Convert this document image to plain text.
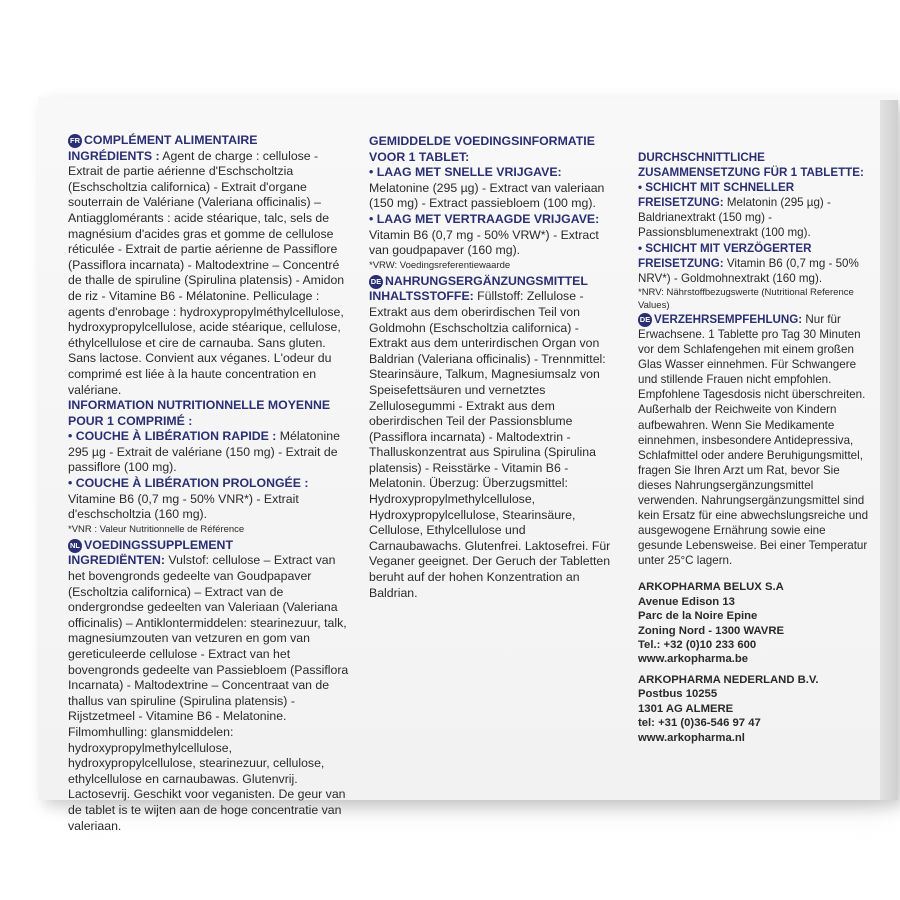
FR COMPLÉMENT ALIMENTAIRE

INGRÉDIENTS : Agent de charge : cellulose - Extrait de partie aérienne d'Eschscholtzia (Eschscholtzia californica) - Extrait d'organe souterrain de Valériane (Valeriana officinalis) – Antiagglomérants : acide stéarique, talc, sels de magnésium d'acides gras et gomme de cellulose réticulée - Extrait de partie aérienne de Passiflore (Passiflora incarnata) - Maltodextrine – Concentré de thalle de spiruline (Spirulina platensis) - Amidon de riz - Vitamine B6 - Mélatonine. Pelliculage : agents d'enrobage : hydroxypropylméthylcellulose, hydroxypropylcellulose, acide stéarique, cellulose, éthylcellulose et cire de carnauba. Sans gluten. Sans lactose. Convient aux véganes. L'odeur du comprimé est liée à la haute concentration en valériane.

INFORMATION NUTRITIONNELLE MOYENNE POUR 1 COMPRIMÉ :

• COUCHE À LIBÉRATION RAPIDE : Mélatonine 295 µg - Extrait de valériane (150 mg) - Extrait de passiflore (100 mg).

• COUCHE À LIBÉRATION PROLONGÉE : Vitamine B6 (0,7 mg - 50% VNR*) - Extrait d'eschscholtzia (160 mg).

*VNR : Valeur Nutritionnelle de Référence

NL VOEDINGSSUPPLEMENT

INGREDIËNTEN: Vulstof: cellulose – Extract van het bovengronds gedeelte van Goudpapaver (Escholtzia californica) – Extract van de ondergrondse gedeelten van Valeriaan (Valeriana officinalis) – Antiklontermiddelen: stearinezuur, talk, magnesiumzouten van vetzuren en gom van gereticuleerde cellulose - Extract van het bovengronds gedeelte van Passiebloem (Passiflora Incarnata) - Maltodextrine – Concentraat van de thallus van spiruline (Spirulina platensis) - Rijstzetmeel - Vitamine B6 - Melatonine. Filmomhulling: glansmiddelen: hydroxypropylmethylcellulose, hydroxypropylcellulose, stearinezuur, cellulose, ethylcellulose en carnaubawas. Glutenvrij. Lactosevrij. Geschikt voor veganisten. De geur van de tablet is te wijten aan de hoge concentratie van valeriaan.

GEMIDDELDE VOEDINGSINFORMATIE VOOR 1 TABLET:

• LAAG MET SNELLE VRIJGAVE: Melatonine (295 µg) - Extract van valeriaan (150 mg) - Extract passiebloem (100 mg).

• LAAG MET VERTRAAGDE VRIJGAVE: Vitamin B6 (0,7 mg - 50% VRW*) - Extract van goudpapaver (160 mg).

*VRW: Voedingsreferentiewaarde

DE NAHRUNGSERGÄNZUNGSMITTEL

INHALTSSTOFFE: Füllstoff: Zellulose - Extrakt aus dem oberirdischen Teil von Goldmohn (Eschscholtzia californica) - Extrakt aus dem unterirdischen Organ von Baldrian (Valeriana officinalis) - Trennmittel: Stearinsäure, Talkum, Magnesiumsalz von Speisefettsäuren und vernetztes Zellulosegummi - Extrakt aus dem oberirdischen Teil der Passionsblume (Passiflora incarnata) - Maltodextrin - Thalluskonzentrat aus Spirulina (Spirulina platensis) - Reisstärke - Vitamin B6 - Melatonin. Überzug: Überzugsmittel: Hydroxypropylmethylcellulose, Hydroxypropylcellulose, Stearinsäure, Cellulose, Ethylcellulose und Carnaubawachs. Glutenfrei. Laktosefrei. Für Veganer geeignet. Der Geruch der Tabletten beruht auf der hohen Konzentration an Baldrian.

DURCHSCHNITTLICHE ZUSAMMENSETZUNG FÜR 1 TABLETTE:

• SCHICHT MIT SCHNELLER FREISETZUNG: Melatonin (295 µg) - Baldrianextrakt (150 mg) - Passionsblumenextrakt (100 mg).

• SCHICHT MIT VERZÖGERTER FREISETZUNG: Vitamin B6 (0,7 mg - 50% NRV*) - Goldmohnextrakt (160 mg).

*NRV: Nährstoffbezugswerte (Nutritional Reference Values)

DE VERZEHRSEMPFEHLUNG: Nur für Erwachsene. 1 Tablette pro Tag 30 Minuten vor dem Schlafengehen mit einem großen Glas Wasser einnehmen. Für Schwangere und stillende Frauen nicht empfohlen. Empfohlene Tagesdosis nicht überschreiten. Außerhalb der Reichweite von Kindern aufbewahren. Wenn Sie Medikamente einnehmen, insbesondere Antidepressiva, Schlafmittel oder andere Beruhigungsmittel, fragen Sie Ihren Arzt um Rat, bevor Sie dieses Nahrungsergänzungsmittel verwenden. Nahrungsergänzungsmittel sind kein Ersatz für eine abwechslungsreiche und ausgewogene Ernährung sowie eine gesunde Lebensweise. Bei einer Temperatur unter 25°C lagern.

ARKOPHARMA BELUX S.A
Avenue Edison 13
Parc de la Noire Epine
Zoning Nord - 1300 WAVRE
Tel.: +32 (0)10 233 600
www.arkopharma.be
ARKOPHARMA NEDERLAND B.V.
Postbus 10255
1301 AG ALMERE
tel: +31 (0)36-546 97 47
www.arkopharma.nl
